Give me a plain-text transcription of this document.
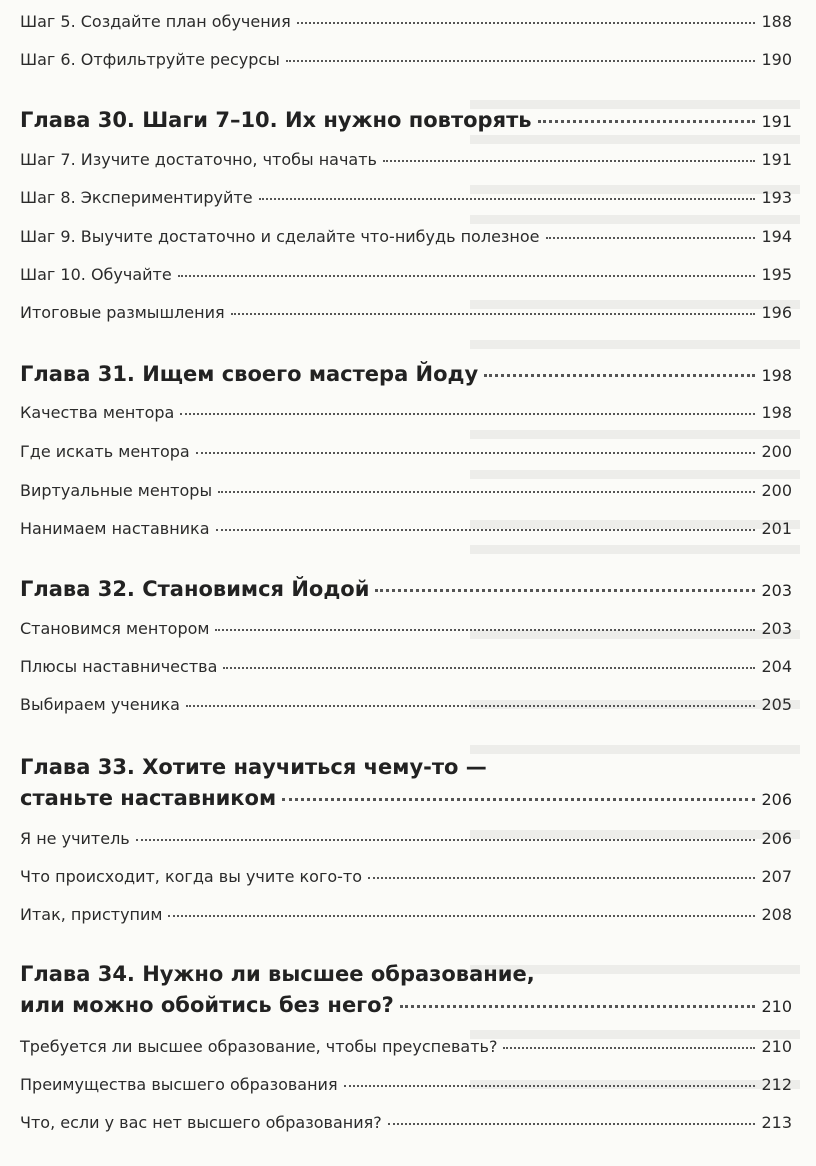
Шаг 5. Создайте план обучения	188
Шаг 6. Отфильтруйте ресурсы	190
Глава 30. Шаги 7–10. Их нужно повторять	191
Шаг 7. Изучите достаточно, чтобы начать	191
Шаг 8. Экспериментируйте	193
Шаг 9. Выучите достаточно и сделайте что-нибудь полезное	194
Шаг 10. Обучайте	195
Итоговые размышления	196
Глава 31. Ищем своего мастера Йоду	198
Качества ментора	198
Где искать ментора	200
Виртуальные менторы	200
Нанимаем наставника	201
Глава 32. Становимся Йодой	203
Становимся ментором	203
Плюсы наставничества	204
Выбираем ученика	205
Глава 33. Хотите научиться чему-то —
станьте наставником	206
Я не учитель	206
Что происходит, когда вы учите кого-то	207
Итак, приступим	208
Глава 34. Нужно ли высшее образование,
или можно обойтись без него?	210
Требуется ли высшее образование, чтобы преуспевать?	210
Преимущества высшего образования	212
Что, если у вас нет высшего образования?	213
